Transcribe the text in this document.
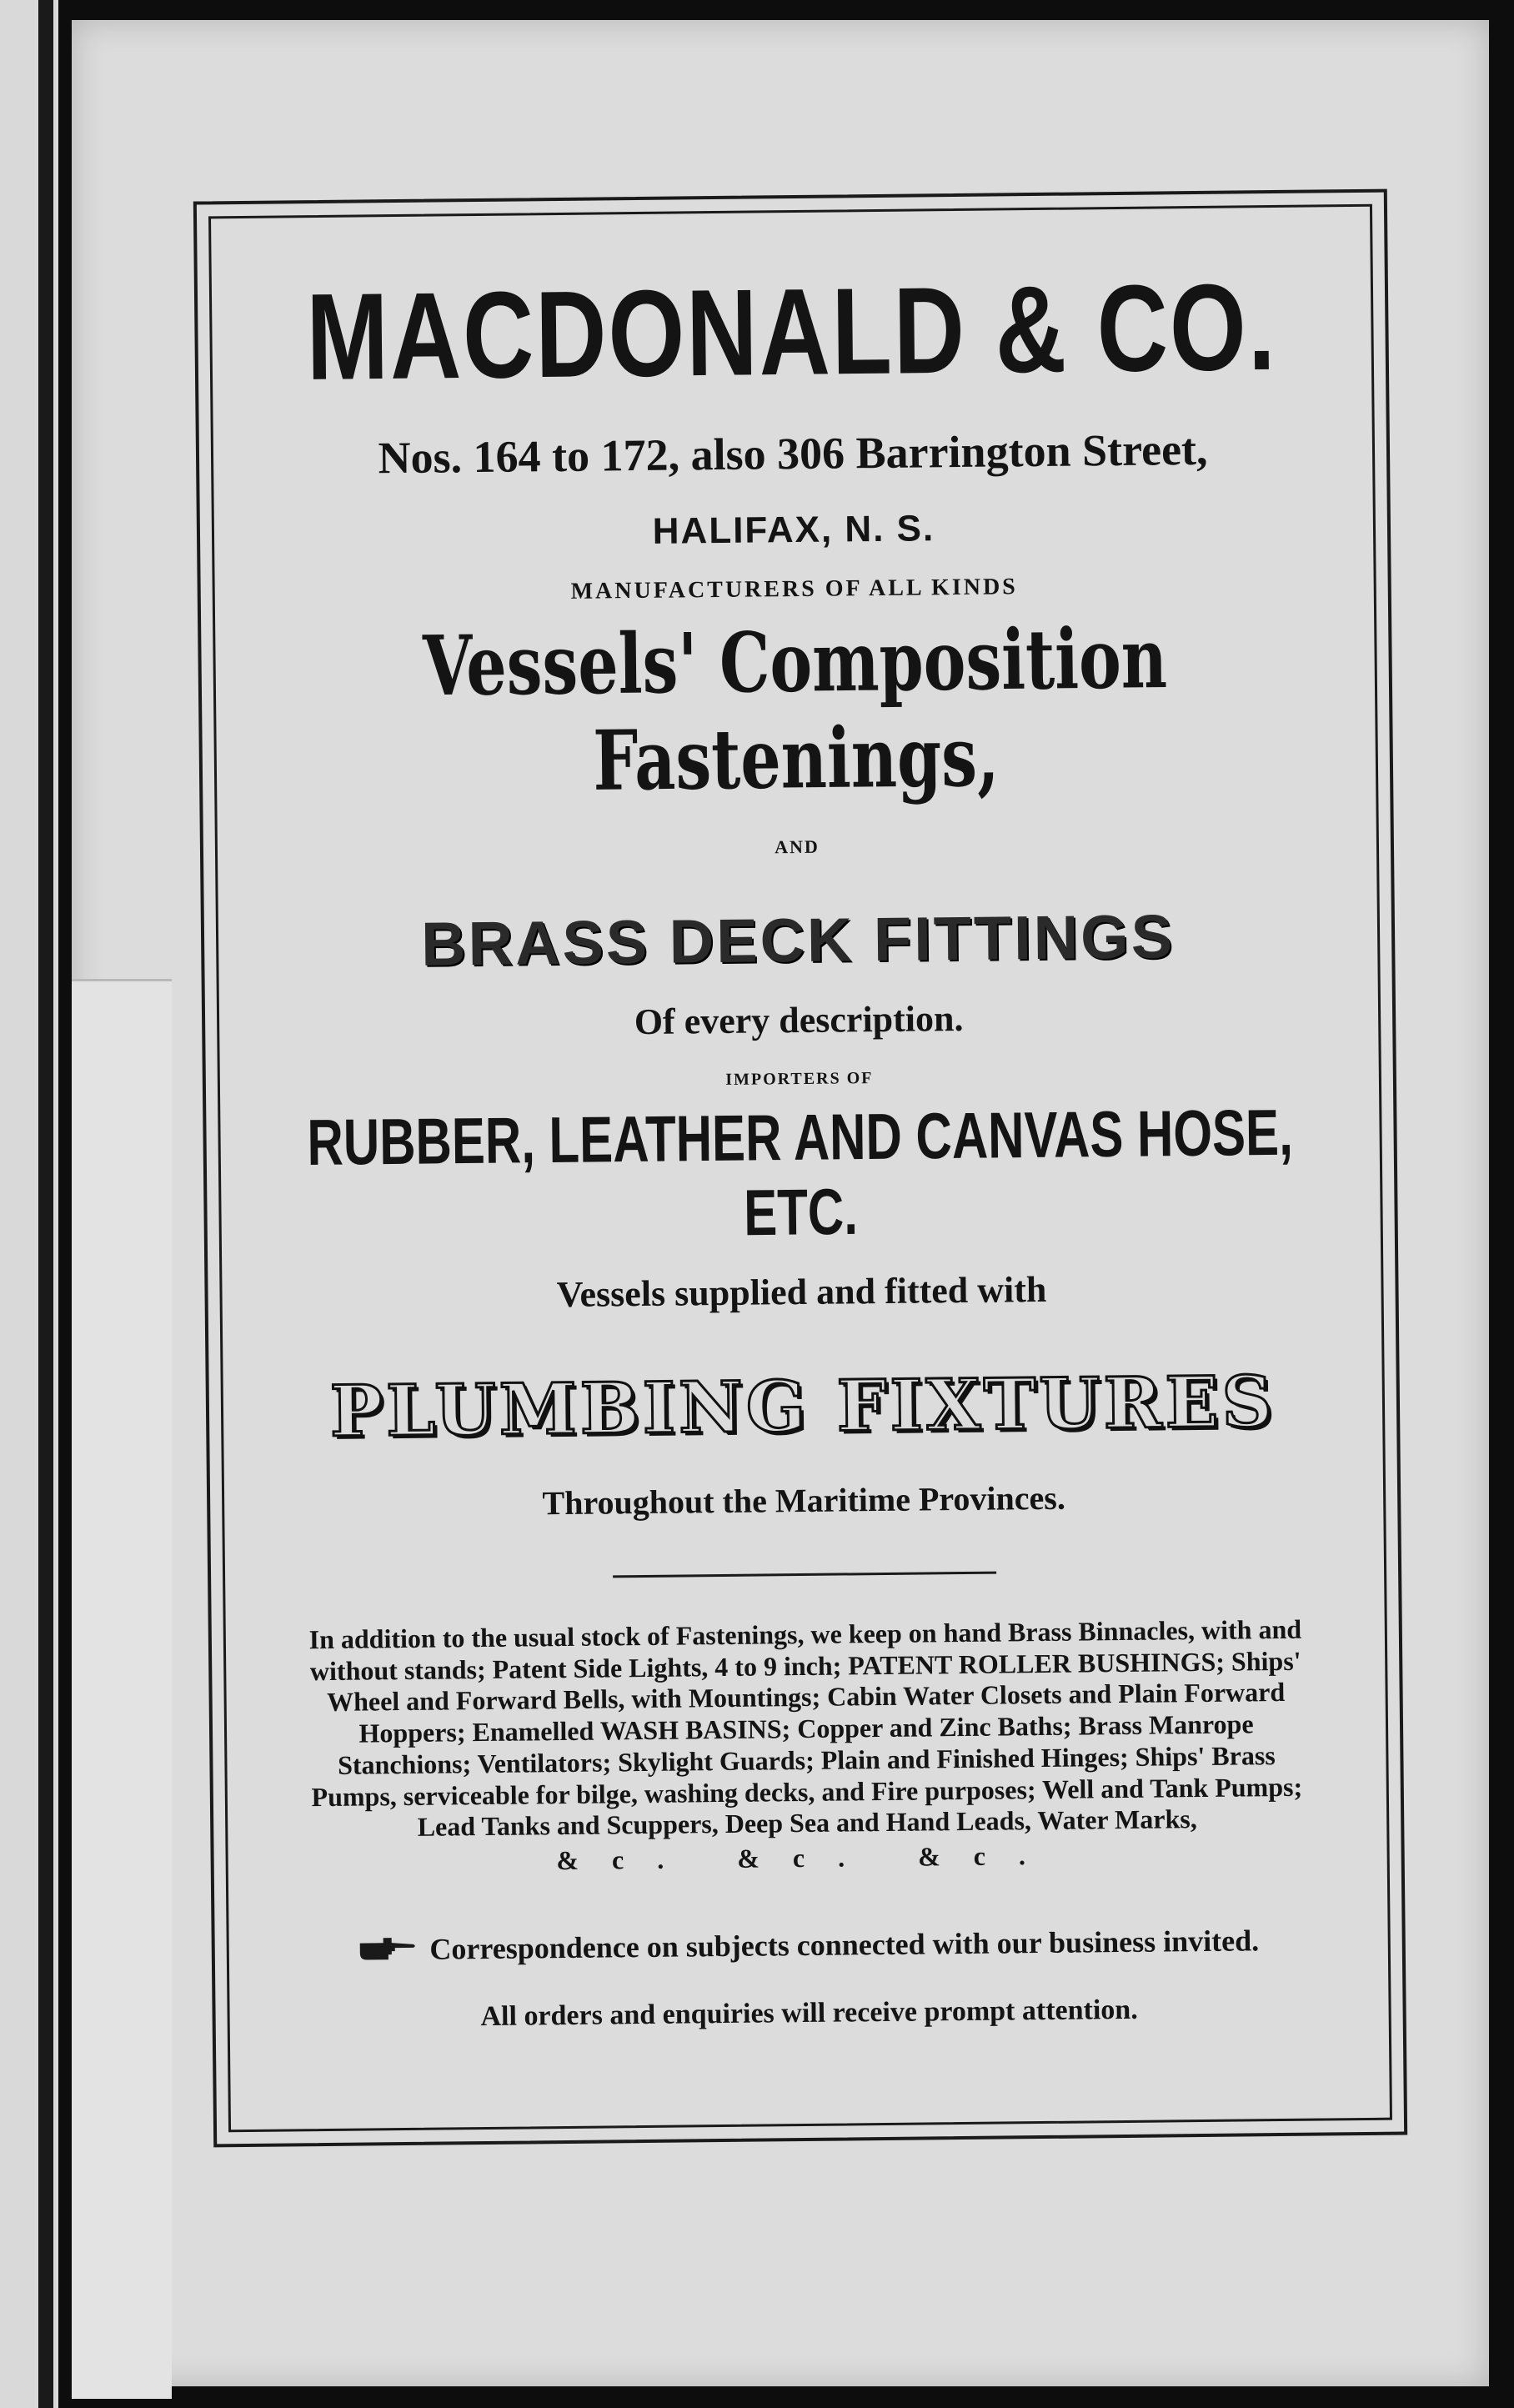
MACDONALD & CO.
Nos. 164 to 172, also 306 Barrington Street,
HALIFAX, N. S.
MANUFACTURERS OF ALL KINDS
Vessels' Composition Fastenings,
AND
BRASS DECK FITTINGS
Of every description.
IMPORTERS OF
RUBBER, LEATHER AND CANVAS HOSE, ETC.
Vessels supplied and fitted with
PLUMBING FIXTURES
Throughout the Maritime Provinces.
In addition to the usual stock of Fastenings, we keep on hand Brass Binnacles, with and without stands; Patent Side Lights, 4 to 9 inch; PATENT ROLLER BUSHINGS; Ships' Wheel and Forward Bells, with Mountings; Cabin Water Closets and Plain Forward Hoppers; Enamelled WASH BASINS; Copper and Zinc Baths; Brass Manrope Stanchions; Ventilators; Skylight Guards; Plain and Finished Hinges; Ships' Brass Pumps, serviceable for bilge, washing decks, and Fire purposes; Well and Tank Pumps; Lead Tanks and Scuppers, Deep Sea and Hand Leads, Water Marks,
&c. &c. &c.
Correspondence on subjects connected with our business invited.
All orders and enquiries will receive prompt attention.
